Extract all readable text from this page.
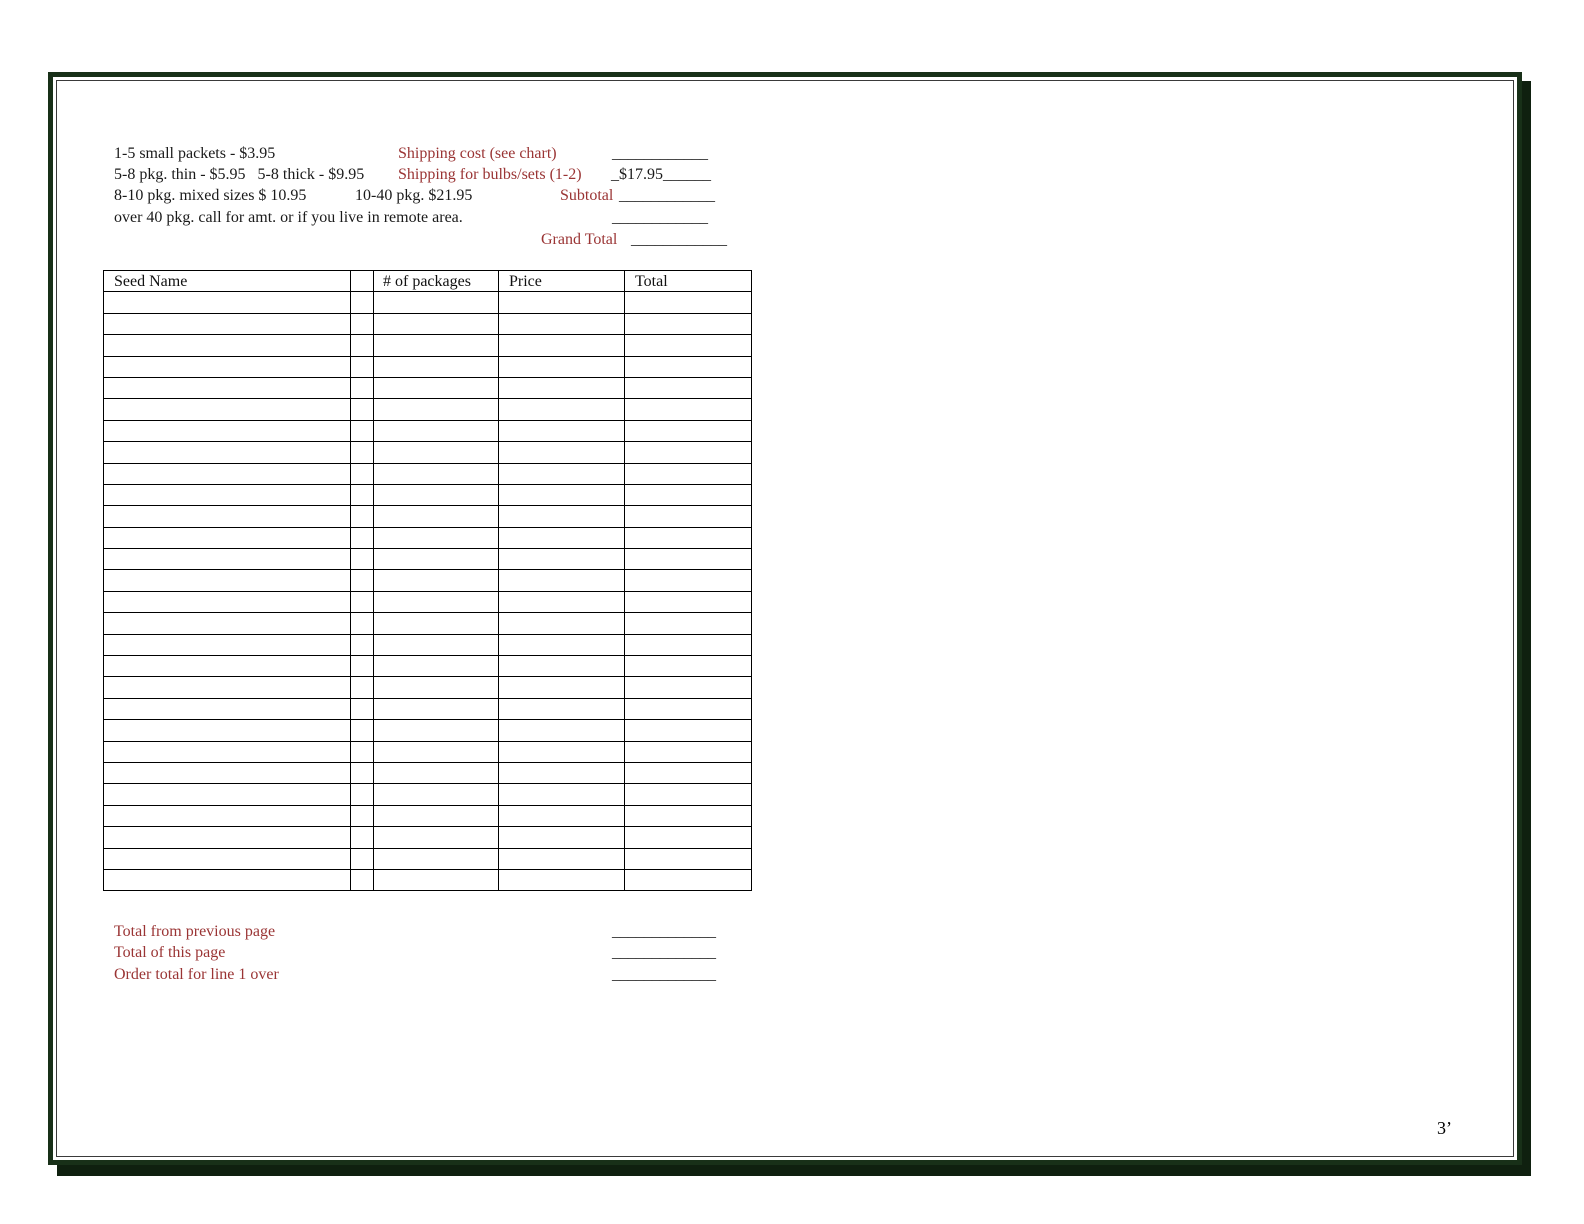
1-5 small packets - $3.95
5-8 pkg. thin - $5.95   5-8 thick - $9.95
8-10 pkg. mixed sizes $ 10.95	10-40 pkg. $21.95
over 40 pkg. call for amt. or if you live in remote area.
Shipping cost (see chart)	____________
Shipping for bulbs/sets (1-2) _$17.95______
Subtotal ____________
____________
Grand Total ____________
Seed Name		# of packages	Price	Total

Total from previous page	_____________
Total of this page	_____________
Order total for line 1 over	_____________
3’
